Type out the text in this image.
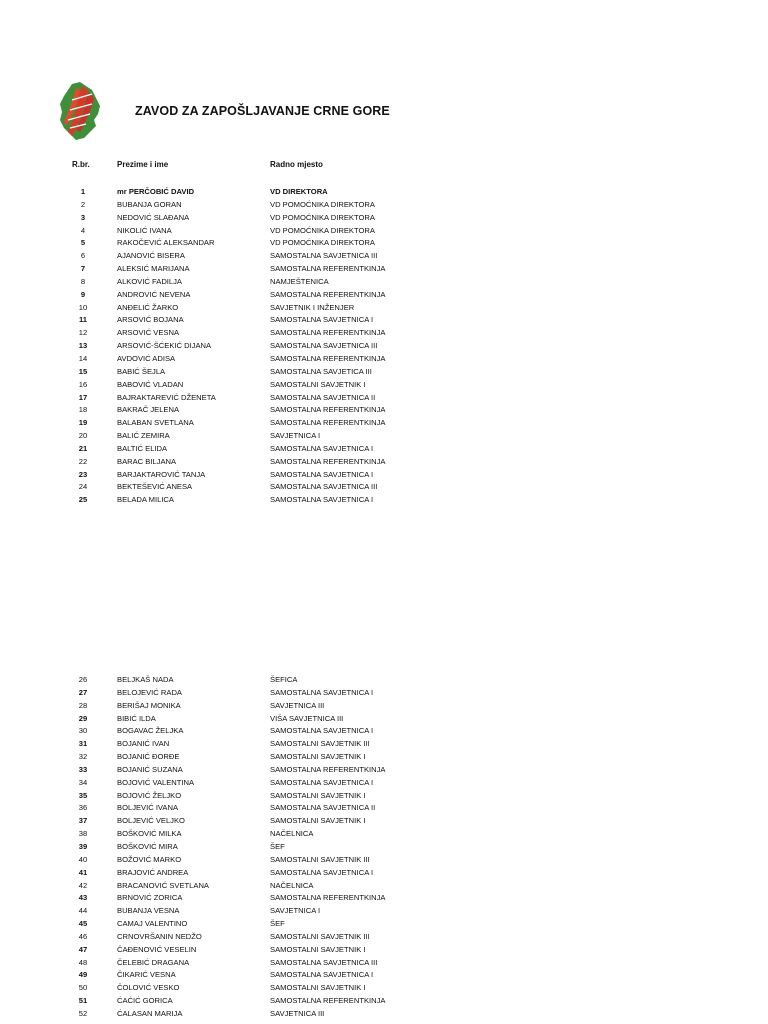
ZAVOD ZA ZAPOŠLJAVANJE CRNE GORE
R.br.	Prezime i ime	Radno mjesto
1	mr PERČOBIĆ DAVID	VD DIREKTORA
2	BUBANJA GORAN	VD POMOĆNIKA DIREKTORA
3	NEDOVIĆ SLAĐANA	VD POMOĆNIKA DIREKTORA
4	NIKOLIĆ IVANA	VD POMOĆNIKA DIREKTORA
5	RAKOČEVIĆ ALEKSANDAR	VD POMOĆNIKA DIREKTORA
6	AJANOVIĆ BISERA	SAMOSTALNA SAVJETNICA III
7	ALEKSIĆ MARIJANA	SAMOSTALNA REFERENTKINJA
8	ALKOVIĆ FADILJA	NAMJEŠTENICA
9	ANDROVIĆ NEVENA	SAMOSTALNA REFERENTKINJA
10	ANĐELIĆ ŽARKO	SAVJETNIK I INŽENJER
11	ARSOVIĆ BOJANA	SAMOSTALNA SAVJETNICA I
12	ARSOVIĆ VESNA	SAMOSTALNA REFERENTKINJA
13	ARSOVIĆ-ŠĆEKIĆ DIJANA	SAMOSTALNA SAVJETNICA III
14	AVDOVIĆ ADISA	SAMOSTALNA REFERENTKINJA
15	BABIĆ ŠEJLA	SAMOSTALNA SAVJETICA III
16	BABOVIĆ VLADAN	SAMOSTALNI SAVJETNIK I
17	BAJRAKTAREVIĆ DŽENETA	SAMOSTALNA SAVJETNICA II
18	BAKRAČ JELENA	SAMOSTALNA REFERENTKINJA
19	BALABAN SVETLANA	SAMOSTALNA REFERENTKINJA
20	BALIĆ ZEMIRA	SAVJETNICA I
21	BALTIĆ ELIDA	SAMOSTALNA SAVJETNICA I
22	BARAC BILJANA	SAMOSTALNA REFERENTKINJA
23	BARJAKTAROVIĆ TANJA	SAMOSTALNA SAVJETNICA I
24	BEKTEŠEVIĆ ANESA	SAMOSTALNA SAVJETNICA III
25	BELADA MILICA	SAMOSTALNA SAVJETNICA I
26	BELJKAŠ NADA	ŠEFICA
27	BELOJEVIĆ RADA	SAMOSTALNA SAVJETNICA I
28	BERIŠAJ MONIKA	SAVJETNICA III
29	BIBIĆ ILDA	VIŠA SAVJETNICA III
30	BOGAVAC ŽELJKA	SAMOSTALNA SAVJETNICA I
31	BOJANIĆ IVAN	SAMOSTALNI SAVJETNIK III
32	BOJANIĆ ĐORĐE	SAMOSTALNI SAVJETNIK I
33	BOJANIĆ SUZANA	SAMOSTALNA REFERENTKINJA
34	BOJOVIĆ VALENTINA	SAMOSTALNA SAVJETNICA I
35	BOJOVIĆ ŽELJKO	SAMOSTALNI SAVJETNIK I
36	BOLJEVIĆ IVANA	SAMOSTALNA SAVJETNICA II
37	BOLJEVIĆ VELJKO	SAMOSTALNI SAVJETNIK I
38	BOŠKOVIĆ MILKA	NAČELNICA
39	BOŠKOVIĆ MIRA	ŠEF
40	BOŽOVIĆ MARKO	SAMOSTALNI SAVJETNIK III
41	BRAJOVIĆ ANDREA	SAMOSTALNA SAVJETNICA I
42	BRACANOVIĆ SVETLANA	NAČELNICA
43	BRNOVIĆ ZORICA	SAMOSTALNA REFERENTKINJA
44	BUBANJA VESNA	SAVJETNICA I
45	CAMAJ VALENTINO	ŠEF
46	CRNOVRŠANIN NEDŽO	SAMOSTALNI SAVJETNIK III
47	ČAĐENOVIĆ VESELIN	SAMOSTALNI SAVJETNIK I
48	ČELEBIĆ DRAGANA	SAMOSTALNA SAVJETNICA III
49	ČIKARIĆ VESNA	SAMOSTALNA SAVJETNICA I
50	ČOLOVIĆ VESKO	SAMOSTALNI SAVJETNIK I
51	ĆAĆIĆ GORICA	SAMOSTALNA REFERENTKINJA
52	ĆALASAN MARIJA	SAVJETNICA III
